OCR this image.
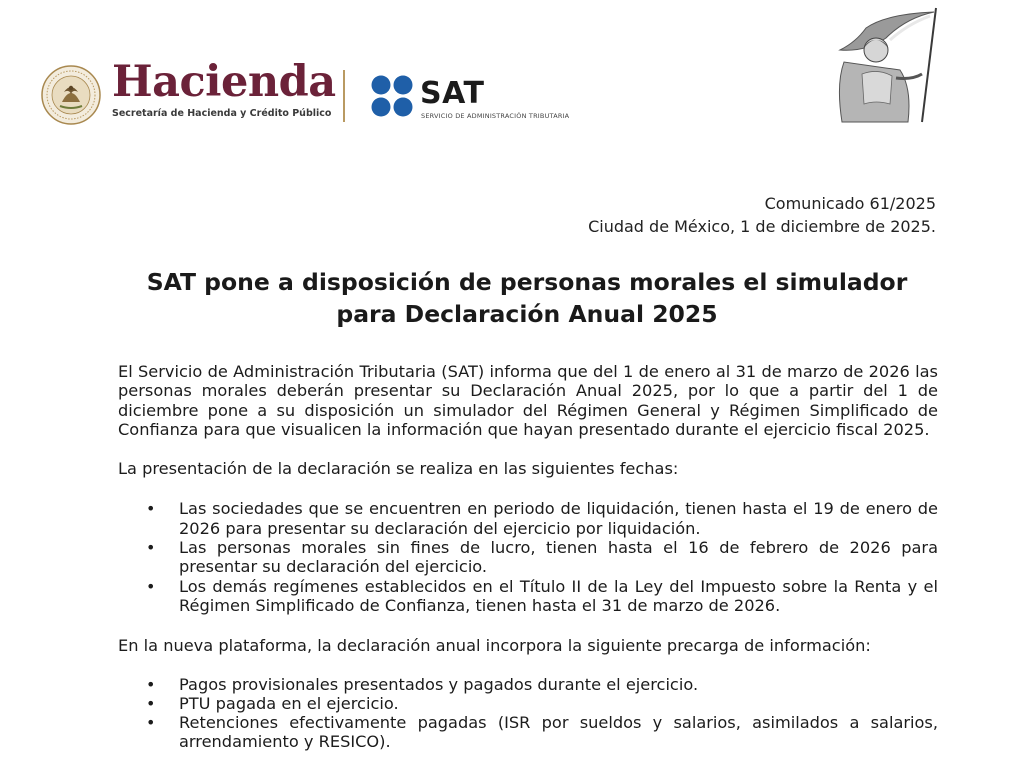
Hacienda
Secretaría de Hacienda y Crédito Público
SAT
SERVICIO DE ADMINISTRACIÓN TRIBUTARIA
Comunicado 61/2025
Ciudad de México, 1 de diciembre de 2025.
SAT pone a disposición de personas morales el simulador
para Declaración Anual 2025

El Servicio de Administración Tributaria (SAT) informa que del 1 de enero al 31 de marzo de 2026 las personas morales deberán presentar su Declaración Anual 2025, por lo que a partir del 1 de diciembre pone a su disposición un simulador del Régimen General y Régimen Simplificado de Confianza para que visualicen la información que hayan presentado durante el ejercicio fiscal 2025.

La presentación de la declaración se realiza en las siguientes fechas:

• Las sociedades que se encuentren en periodo de liquidación, tienen hasta el 19 de enero de 2026 para presentar su declaración del ejercicio por liquidación.
• Las personas morales sin fines de lucro, tienen hasta el 16 de febrero de 2026 para presentar su declaración del ejercicio.
• Los demás regímenes establecidos en el Título II de la Ley del Impuesto sobre la Renta y el Régimen Simplificado de Confianza, tienen hasta el 31 de marzo de 2026.

En la nueva plataforma, la declaración anual incorpora la siguiente precarga de información:

• Pagos provisionales presentados y pagados durante el ejercicio.
• PTU pagada en el ejercicio.
• Retenciones efectivamente pagadas (ISR por sueldos y salarios, asimilados a salarios, arrendamiento y RESICO).
